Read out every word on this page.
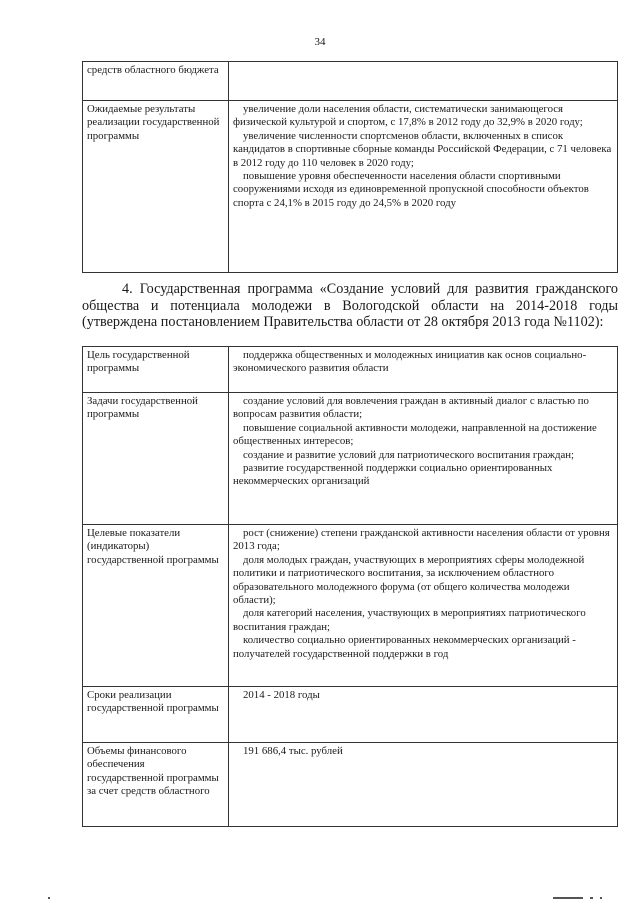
34
средств областного бюджета	
Ожидаемые результаты реализации государственной программы	увеличение доли населения области, систематически занимающегося физической культурой и спортом, с 17,8% в 2012 году до 32,9% в 2020 году;

увеличение численности спортсменов области, включенных в список кандидатов в спортивные сборные команды Российской Федерации, с 71 человека в 2012 году до 110 человек в 2020 году;

повышение уровня обеспеченности населения области спортивными сооружениями исходя из единовременной пропускной способности объектов спорта с 24,1% в 2015 году до 24,5% в 2020 году

4. Государственная программа «Создание условий для развития гражданского общества и потенциала молодежи в Вологодской области на 2014-2018 годы (утверждена постановлением Правительства области от 28 октября 2013 года №1102):

Цель государственной программы	поддержка общественных и молодежных инициатив как основ социально-экономического развития области

Задачи государственной программы	создание условий для вовлечения граждан в активный диалог с властью по вопросам развития области;

повышение социальной активности молодежи, направленной на достижение общественных интересов;

создание и развитие условий для патриотического воспитания граждан;

развитие государственной поддержки социально ориентированных некоммерческих организаций

Целевые показатели (индикаторы) государственной программы	рост (снижение) степени гражданской активности населения области от уровня 2013 года;

доля молодых граждан, участвующих в мероприятиях сферы молодежной политики и патриотического воспитания, за исключением областного образовательного молодежного форума (от общего количества молодежи области);

доля категорий населения, участвующих в мероприятиях патриотического воспитания граждан;

количество социально ориентированных некоммерческих организаций - получателей государственной поддержки в год

Сроки реализации государственной программы	2014 - 2018 годы

Объемы финансового обеспечения государственной программы за счет средств областного	191 686,4 тыс. рублей
